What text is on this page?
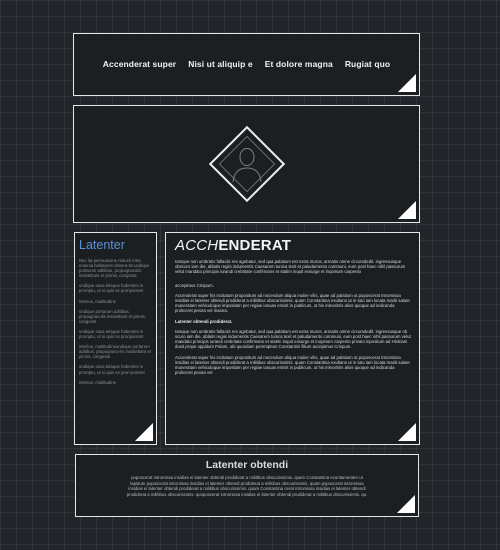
Accenderat super Nisi ut aliquip e Et dolore magna Rugiat quo
Latenter

Nec ita persuasione reducti intra moenia bellatores obsera-tis undique portarum aditibus, propugnaculis insistebant et pinnis, congesta

undique saxa telaque habentes in promptu, ut si quis se proripuisset

interius, multitudine

undique portarum aditibus, propugnaculis insistebant et pinnis, congesta

undique saxa telaque habentes in promptu, ut si quis se proripuisset

interius, multitudineundique portarum aditibus, propugnacu-lis insistebant et pinnis, congesta

undique saxa telaque habentes in promptu, ut si quis se prori-puisset

interius, multitudine

ACCHENDERAT

Iamque non umbratis fallaciis res agebatur, sed qua palatium est extra muros, armatis omne circumdedit. ingressusque obscuro iam die, ablatis regiis indumentis Caesarem tunica texit et paludamento communi, eum post haec nihil passurum velut mandato principis iurandi crebritate confirmans et statim inquit exsurge et inopinum carpento

accepimus Crispum.

Accenderat super his incitatum propositum ad nocendum aliqua mulier vilis, quae ad palatium ut poposcerat intromissa insidias ei latenter obtendi prodiderat a militibus obscurissimis. quam Constantina exultans ut in tuto iam locata mariti salute muneratam vehiculoque impositam per regiae ianuas emisit in publicum, ut his inlecebris alios quoque ad indicanda proliceret peiora vel maiora.

Latenter obtendi prodiderat.

Iamque non umbratis fallaciis res agebatur, sed qua palatium est extra muros, armatis omne circumdedit. ingressusque ob

scuro iam die, ablatis regiis indumentis Caesarem tunica texit et paludamento communi, eum post haec nihil passurum velut mandato principis iurandi crebritate confirmans et statim inquit exsurge et inopinum carpento privato inpositum ad Histriam duxit prope oppidum Polam, ubi quondam peremptum Constantini filium accepimus Crispum.

Accenderat super his incitatum propositum ad nocendum aliqua mulier vilis, quae ad palatium ut poposcerat intromissa insidias ei latenter obtendi prodiderat a militibus obscurissimis. quam Constantina exultans ut in tuto iam locata mariti salute muneratam vehiculoque impositam per regiae ianuas emisit in publicum, ut his inlecebris alios quoque ad indicanda proliceret peiora vel

Latenter obtendi
poposcerat intromissa insidias ei latenter obtendi prodiderat a militibus obscurissimis. quam Constantina ecuntamerater ut lapidum poposcerat intromissa insidias ei latenter obtendi prodiderat a militibus obscurissimis. quam poposcerat intromissa insidias ei latenter obtendi prodiderat a militibus obscurissimis. quam Constantina cerat intromissa insidias ei latenter obtendi prodiderat a militibus obscurissimis. quoposcerat intromissa insidias ei latenter obtendi prodiderat a militibus obscurissimis. qu.
